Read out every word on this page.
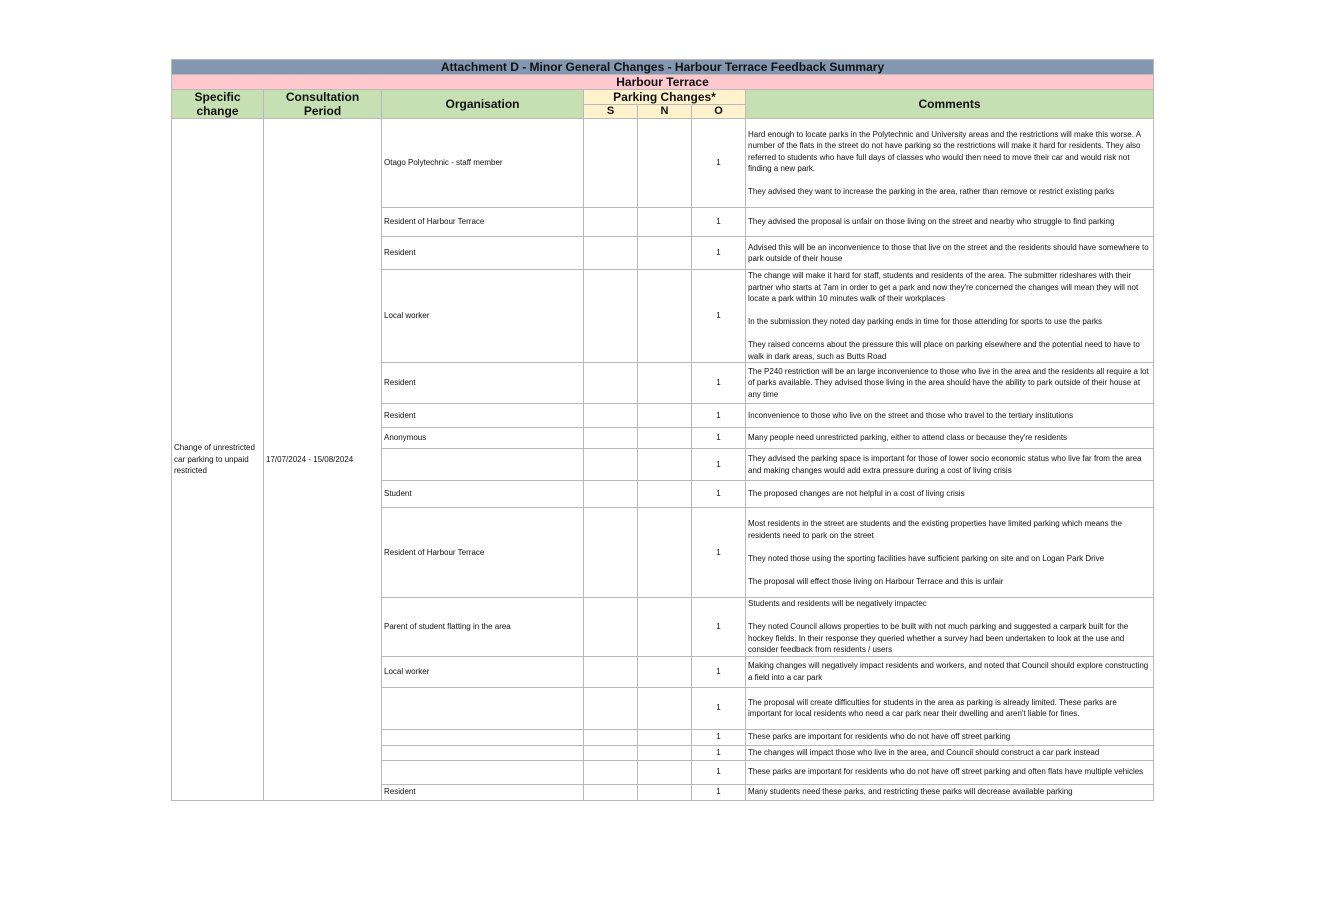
Attachment D - Minor General Changes - Harbour Terrace Feedback Summary						
Harbour Terrace						
Specific change	Consultation Period	Organisation	Parking Changes*			Comments
			S	N	O	
Change of unrestricted car parking to unpaid restricted	17/07/2024 - 15/08/2024	Otago Polytechnic - staff member			1	Hard enough to locate parks in the Polytechnic and University areas and the restrictions will make this worse. A number of the flats in the street do not have parking so the restrictions will make it hard for residents. They also referred to students who have full days of classes who would then need to move their car and would risk not finding a new park.

They advised they want to increase the parking in the area, rather than remove or restrict existing parks

		Resident of Harbour Terrace			1	They advised the proposal is unfair on those living on the street and nearby who struggle to find parking

		Resident			1	Advised this will be an inconvenience to those that live on the street and the residents should have somewhere to park outside of their house

		Local worker			1	The change will make it hard for staff, students and residents of the area. The submitter rideshares with their partner who starts at 7am in order to get a park and now they're concerned the changes will mean they will not locate a park within 10 minutes walk of their workplaces

In the submission they noted day parking ends in time for those attending for sports to use the parks

They raised concerns about the pressure this will place on parking elsewhere and the potential need to have to walk in dark areas, such as Butts Road

		Resident			1	The P240 restriction will be an large inconvenience to those who live in the area and the residents all require a lot of parks available. They advised those living in the area should have the ability to park outside of their house at any time

		Resident			1	Inconvenience to those who live on the street and those who travel to the tertiary institutions

		Anonymous			1	Many people need unrestricted parking, either to attend class or because they're residents

					1	They advised the parking space is important for those of lower socio economic status who live far from the area and making changes would add extra pressure during a cost of living crisis

		Student			1	The proposed changes are not helpful in a cost of living crisis

		Resident of Harbour Terrace			1	Most residents in the street are students and the existing properties have limited parking which means the residents need to park on the street

They noted those using the sporting facilities have sufficient parking on site and on Logan Park Drive

The proposal will effect those living on Harbour Terrace and this is unfair

		Parent of student flatting in the area			1	Students and residents will be negatively impactec

They noted Council allows properties to be built with not much parking and suggested a carpark built for the hockey fields. In their response they queried whether a survey had been undertaken to look at the use and consider feedback from residents / users

		Local worker			1	Making changes will negatively impact residents and workers, and noted that Council should explore constructing a field into a car park

					1	The proposal will create difficulties for students in the area as parking is already limited. These parks are important for local residents who need a car park near their dwelling and aren't liable for fines.

					1	These parks are important for residents who do not have off street parking

					1	The changes will impact those who live in the area, and Council should construct a car park instead

					1	These parks are important for residents who do not have off street parking and often flats have multiple vehicles

		Resident			1	Many students need these parks, and restricting these parks will decrease available parking
